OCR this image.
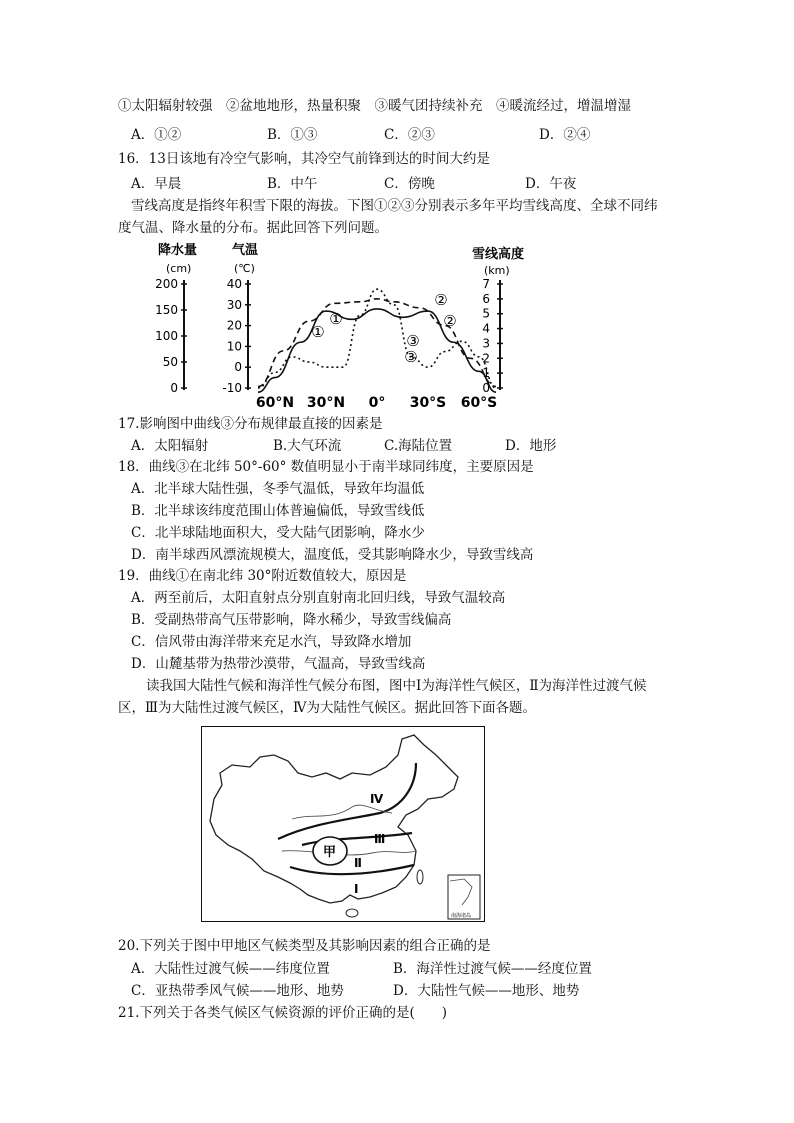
①太阳辐射较强　②盆地地形，热量积聚　③暖气团持续补充　④暖流经过，增温增湿
A．①②	B．①③	C．②③	D．②④
16．13日该地有冷空气影响，其冷空气前锋到达的时间大约是
A．早晨	B．中午	C．傍晚	D．午夜
雪线高度是指终年积雪下限的海拔。下图①②③分别表示多年平均雪线高度、全球不同纬
度气温、降水量的分布。据此回答下列问题。
降水量	气温
(cm)	(℃)
雪线高度
(km)
200
150
100
50
0
40
30
20
10
0
-10
7
6
5
4
3
2
1
0
60°N 30°N 0° 30°S 60°S
①
①
②
②
③
③
17.影响图中曲线③分布规律最直接的因素是
A．太阳辐射	B.大气环流	C.海陆位置	D．地形
18．曲线③在北纬 50°-60° 数值明显小于南半球同纬度，主要原因是
A．北半球大陆性强，冬季气温低，导致年均温低
B．北半球该纬度范围山体普遍偏低，导致雪线低
C．北半球陆地面积大，受大陆气团影响，降水少
D．南半球西风漂流规模大，温度低，受其影响降水少，导致雪线高
19．曲线①在南北纬 30°附近数值较大，原因是
A．两至前后，太阳直射点分别直射南北回归线，导致气温较高
B．受副热带高气压带影响，降水稀少，导致雪线偏高
C．信风带由海洋带来充足水汽，导致降水增加
D．山麓基带为热带沙漠带，气温高，导致雪线高
读我国大陆性气候和海洋性气候分布图，图中Ⅰ为海洋性气候区，Ⅱ为海洋性过渡气候
区，Ⅲ为大陆性过渡气候区，Ⅳ为大陆性气候区。据此回答下面各题。
Ⅳ
Ⅲ
Ⅱ
Ⅰ
甲
南海诸岛
20.下列关于图中甲地区气候类型及其影响因素的组合正确的是
A．大陆性过渡气候——纬度位置	B．海洋性过渡气候——经度位置
C．亚热带季风气候——地形、地势	D．大陆性气候——地形、地势
21.下列关于各类气候区气候资源的评价正确的是(　　)
